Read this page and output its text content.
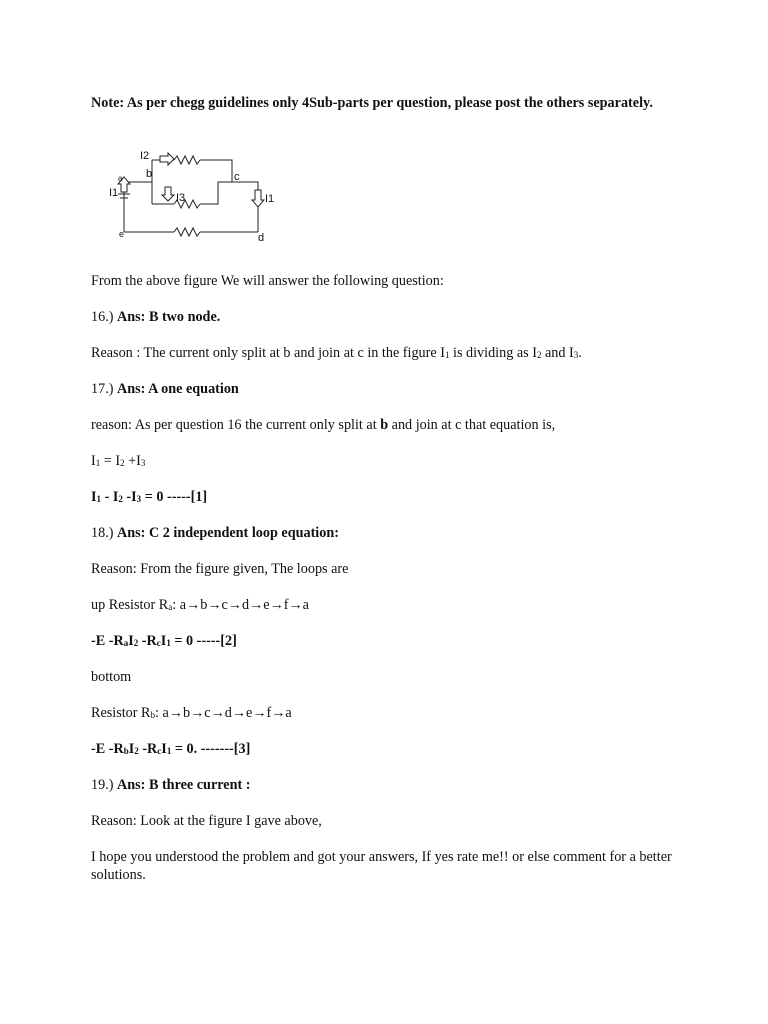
Note: As per chegg guidelines only 4Sub-parts per question, please post the others separately.
I2
b
a
I1	I3
c
I1
e	d
From the above figure We will answer the following question:
16.) Ans: B two node.
Reason : The current only split at b and join at c in the figure $I_1$ is dividing as $I_2$ and $I_3$.
17.) Ans: A one equation
reason: As per question 16 the current only split at b and join at c that equation is,
$I_1 = I_2 +I_3$
$I_1 - I_2$ $-I_3 = 0$ -----[1]
18.) Ans: C 2 independent loop equation:
Reason: From the figure given, The loops are
up Resistor $R_a$: a→b→c→d→e→f→a
-E $-R_aI_2$ $-R_cI_1 = 0$ -----[2]
bottom
Resistor $R_b$: a→b→c→d→e→f→a
-E $-R_bI_2$ $-R_cI_1 = 0$. -------[3]
19.) Ans: B three current :
Reason: Look at the figure I gave above,
I hope you understood the problem and got your answers, If yes rate me!! or else comment for a better solutions.
